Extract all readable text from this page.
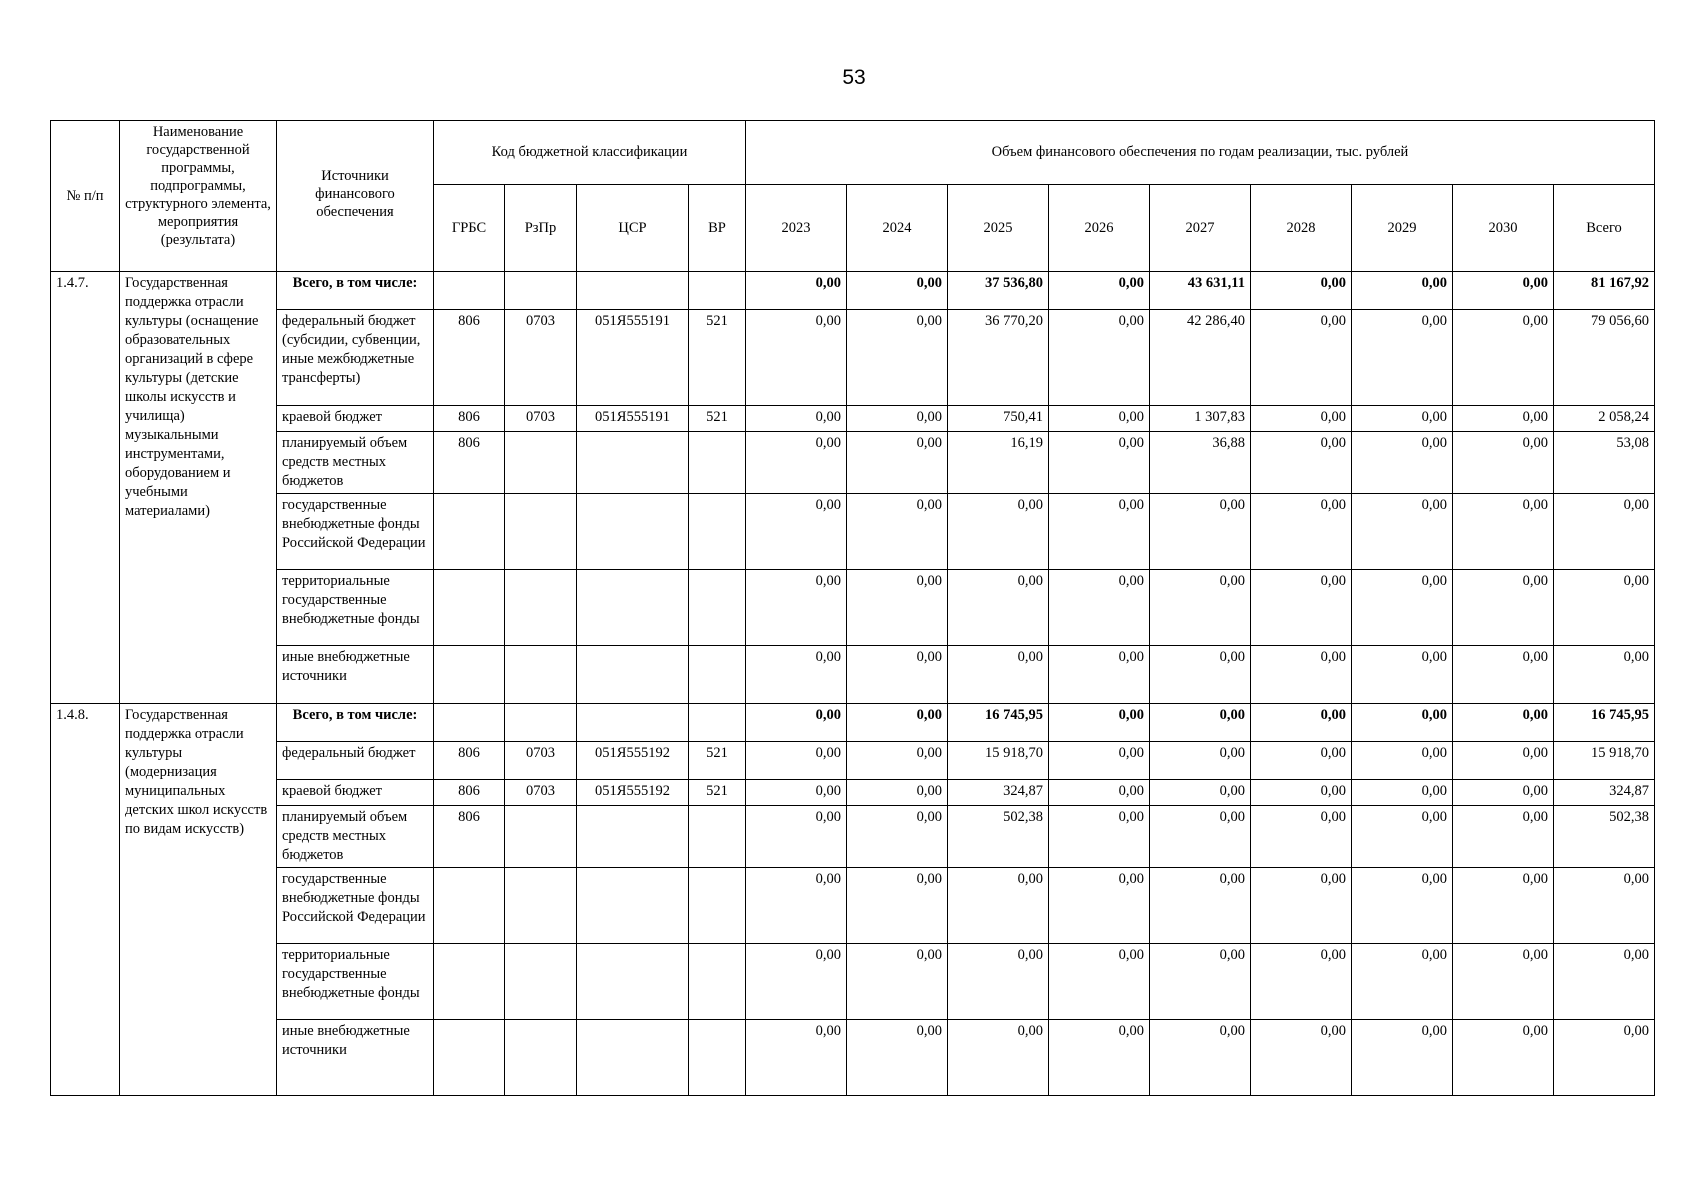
53
№ п/п	Наименование государственной программы, подпрограммы, структурного элемента, мероприятия (результата)	Источники финансового обеспечения	Код бюджетной классификации				Объем финансового обеспечения по годам реализации, тыс. рублей								
			ГРБС	РзПр	ЦСР	ВР	2023	2024	2025	2026	2027	2028	2029	2030	Всего
1.4.7.	Государственная поддержка отрасли культуры (оснащение образовательных организаций в сфере культуры (детские школы искусств и училища) музыкальными инструментами, оборудованием и учебными материалами)	Всего, в том числе:					0,00	0,00	37 536,80	0,00	43 631,11	0,00	0,00	0,00	81 167,92
		федеральный бюджет (субсидии, субвенции, иные межбюджетные трансферты)	806	0703	051Я555191	521	0,00	0,00	36 770,20	0,00	42 286,40	0,00	0,00	0,00	79 056,60
		краевой бюджет	806	0703	051Я555191	521	0,00	0,00	750,41	0,00	1 307,83	0,00	0,00	0,00	2 058,24
		планируемый объем средств местных бюджетов	806				0,00	0,00	16,19	0,00	36,88	0,00	0,00	0,00	53,08
		государственные внебюджетные фонды Российской Федерации					0,00	0,00	0,00	0,00	0,00	0,00	0,00	0,00	0,00
		территориальные государственные внебюджетные фонды					0,00	0,00	0,00	0,00	0,00	0,00	0,00	0,00	0,00
		иные внебюджетные источники					0,00	0,00	0,00	0,00	0,00	0,00	0,00	0,00	0,00
1.4.8.	Государственная поддержка отрасли культуры (модернизация муниципальных детских школ искусств по видам искусств)	Всего, в том числе:					0,00	0,00	16 745,95	0,00	0,00	0,00	0,00	0,00	16 745,95
		федеральный бюджет	806	0703	051Я555192	521	0,00	0,00	15 918,70	0,00	0,00	0,00	0,00	0,00	15 918,70
		краевой бюджет	806	0703	051Я555192	521	0,00	0,00	324,87	0,00	0,00	0,00	0,00	0,00	324,87
		планируемый объем средств местных бюджетов	806				0,00	0,00	502,38	0,00	0,00	0,00	0,00	0,00	502,38
		государственные внебюджетные фонды Российской Федерации					0,00	0,00	0,00	0,00	0,00	0,00	0,00	0,00	0,00
		территориальные государственные внебюджетные фонды					0,00	0,00	0,00	0,00	0,00	0,00	0,00	0,00	0,00
		иные внебюджетные источники					0,00	0,00	0,00	0,00	0,00	0,00	0,00	0,00	0,00
